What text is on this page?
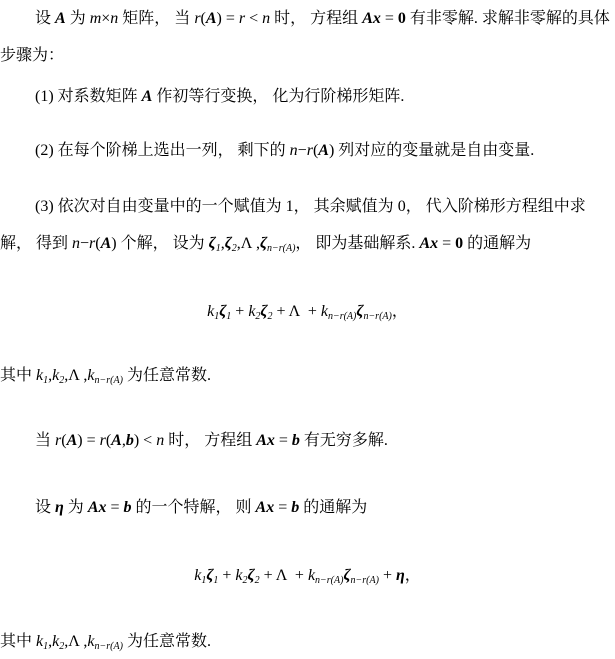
设 A 为 m×n 矩阵， 当 r(A) = r < n 时， 方程组 Ax = 0 有非零解. 求解非零解的具体步骤为：
(1) 对系数矩阵 A 作初等行变换， 化为行阶梯形矩阵.
(2) 在每个阶梯上选出一列， 剩下的 n−r(A) 列对应的变量就是自由变量.
(3) 依次对自由变量中的一个赋值为 1， 其余赋值为 0， 代入阶梯形方程组中求解， 得到 n−r(A) 个解， 设为 ζ1,ζ2,Λ ,ζn−r(A)， 即为基础解系. Ax = 0 的通解为
k1ζ1 + k2ζ2 + Λ  + kn−r(A)ζn−r(A)，
其中 k1,k2,Λ ,kn−r(A) 为任意常数.
当 r(A) = r(A,b) < n 时， 方程组 Ax = b 有无穷多解.
设 η 为 Ax = b 的一个特解， 则 Ax = b 的通解为
k1ζ1 + k2ζ2 + Λ  + kn−r(A)ζn−r(A) + η，
其中 k1,k2,Λ ,kn−r(A) 为任意常数.
